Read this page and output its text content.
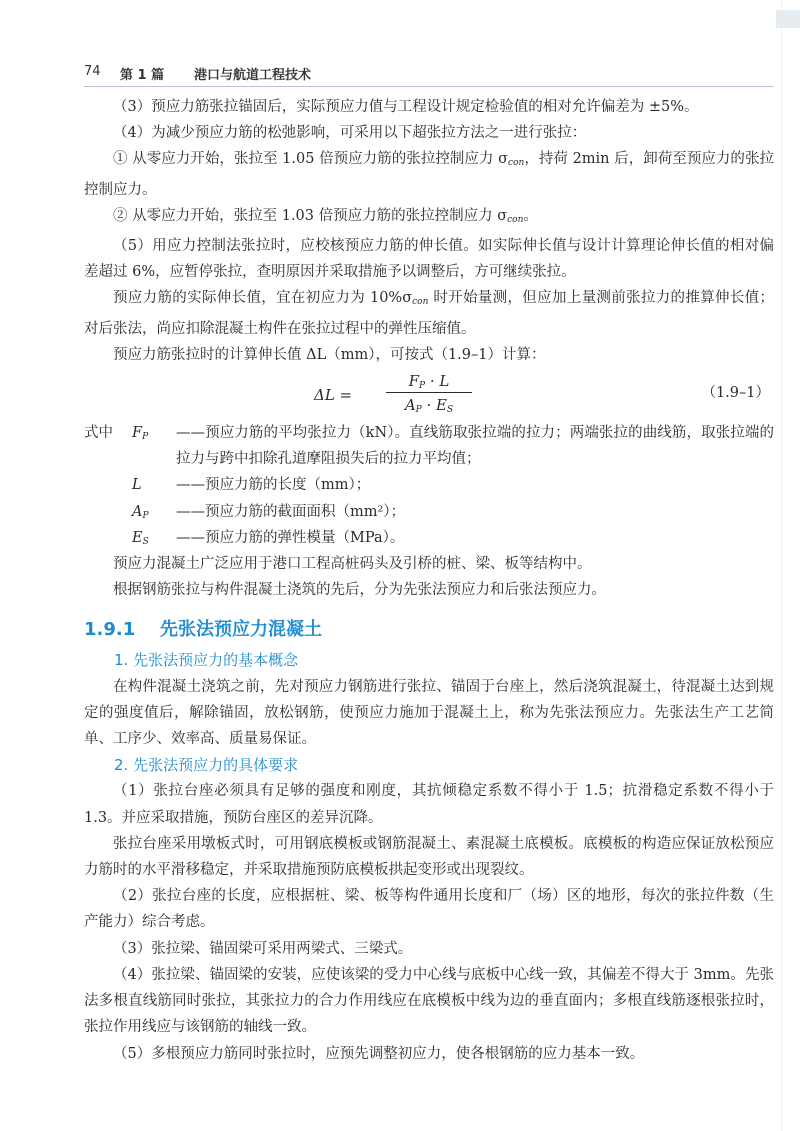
74 第 1 篇 港口与航道工程技术
（3）预应力筋张拉锚固后，实际预应力值与工程设计规定检验值的相对允许偏差为 ±5%。
（4）为减少预应力筋的松弛影响，可采用以下超张拉方法之一进行张拉：
① 从零应力开始，张拉至 1.05 倍预应力筋的张拉控制应力 $\sigma_{con}$，持荷 2min 后，卸荷至预应力的张拉控制应力。
② 从零应力开始，张拉至 1.03 倍预应力筋的张拉控制应力 $\sigma_{con}$。
（5）用应力控制法张拉时，应校核预应力筋的伸长值。如实际伸长值与设计计算理论伸长值的相对偏差超过 6%，应暂停张拉，查明原因并采取措施予以调整后，方可继续张拉。
预应力筋的实际伸长值，宜在初应力为 $10\%\sigma_{con}$ 时开始量测，但应加上量测前张拉力的推算伸长值；对后张法，尚应扣除混凝土构件在张拉过程中的弹性压缩值。
预应力筋张拉时的计算伸长值 ΔL（mm），可按式（1.9–1）计算：
ΔL =
$F_P \cdot L$
$A_P \cdot E_S$
（1.9–1）
式中 $F_P$ ——预应力筋的平均张拉力（kN）。直线筋取张拉端的拉力；两端张拉的曲线筋，取张拉端的拉力与跨中扣除孔道摩阻损失后的拉力平均值；
L ——预应力筋的长度（mm）；
$A_P$ ——预应力筋的截面面积（mm²）；
$E_S$ ——预应力筋的弹性模量（MPa）。
预应力混凝土广泛应用于港口工程高桩码头及引桥的桩、梁、板等结构中。
根据钢筋张拉与构件混凝土浇筑的先后，分为先张法预应力和后张法预应力。
1.9.1 先张法预应力混凝土
1. 先张法预应力的基本概念
在构件混凝土浇筑之前，先对预应力钢筋进行张拉、锚固于台座上，然后浇筑混凝土，待混凝土达到规定的强度值后，解除锚固，放松钢筋，使预应力施加于混凝土上，称为先张法预应力。先张法生产工艺简单、工序少、效率高、质量易保证。
2. 先张法预应力的具体要求
（1）张拉台座必须具有足够的强度和刚度，其抗倾稳定系数不得小于 1.5；抗滑稳定系数不得小于 1.3。并应采取措施，预防台座区的差异沉降。
张拉台座采用墩板式时，可用钢底模板或钢筋混凝土、素混凝土底模板。底模板的构造应保证放松预应力筋时的水平滑移稳定，并采取措施预防底模板拱起变形或出现裂纹。
（2）张拉台座的长度，应根据桩、梁、板等构件通用长度和厂（场）区的地形，每次的张拉件数（生产能力）综合考虑。
（3）张拉梁、锚固梁可采用两梁式、三梁式。
（4）张拉梁、锚固梁的安装，应使该梁的受力中心线与底板中心线一致，其偏差不得大于 3mm。先张法多根直线筋同时张拉，其张拉力的合力作用线应在底模板中线为边的垂直面内；多根直线筋逐根张拉时，张拉作用线应与该钢筋的轴线一致。
（5）多根预应力筋同时张拉时，应预先调整初应力，使各根钢筋的应力基本一致。
